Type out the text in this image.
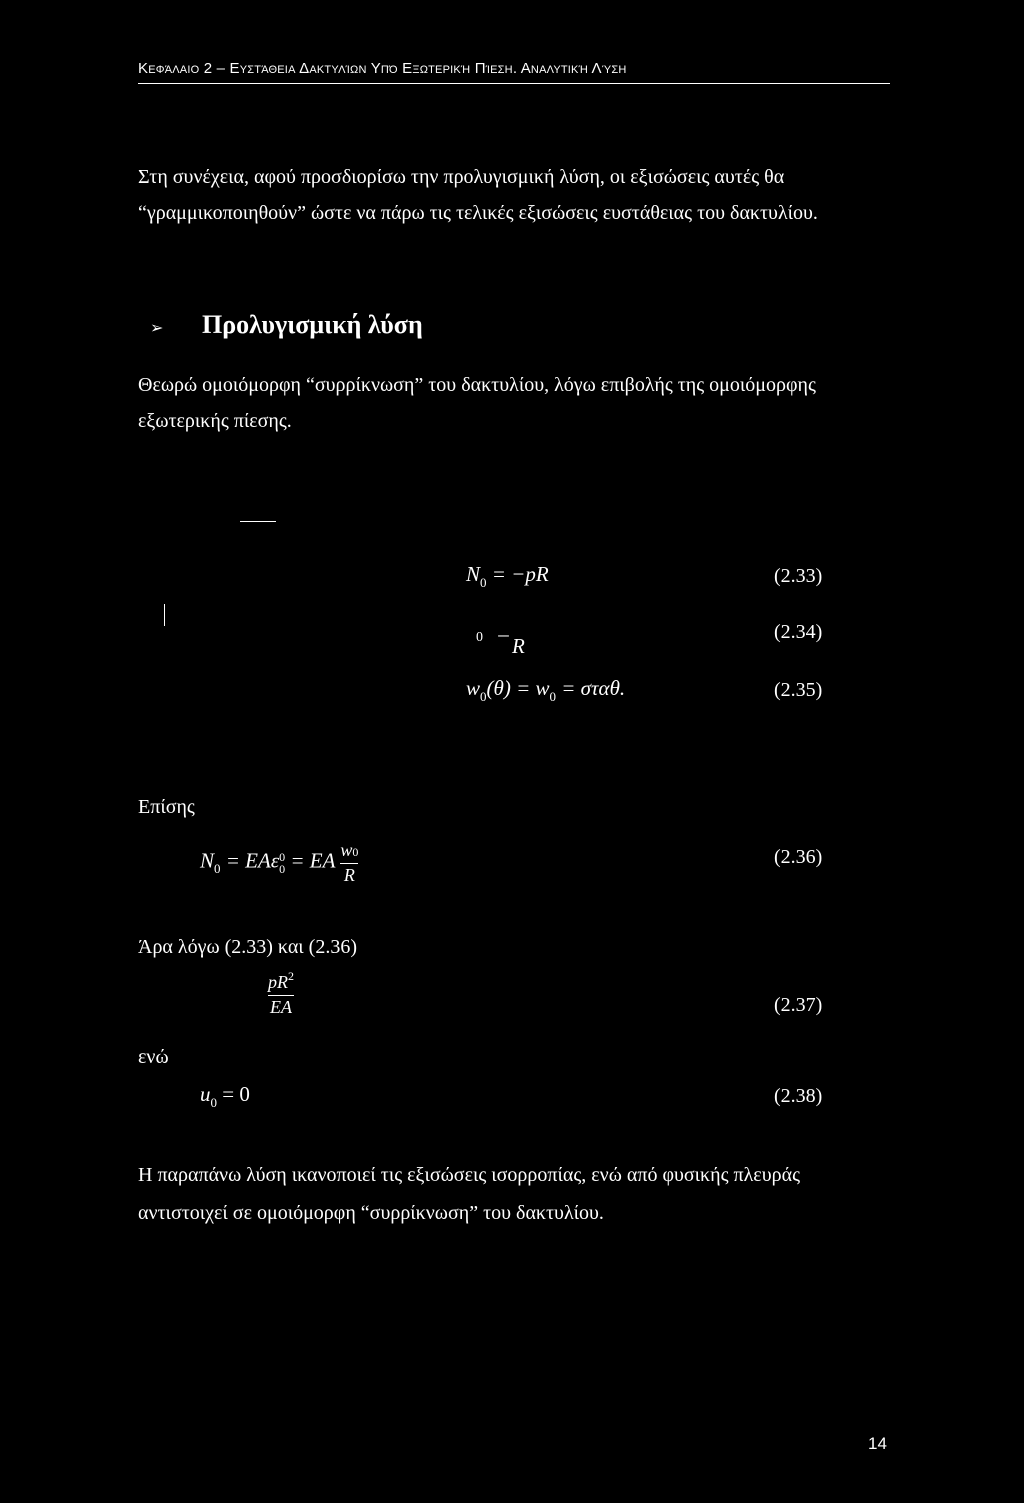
Κεφάλαιο 2 – Ευστάθεια Δακτυλίων Υπό Εξωτερική Πίεση. Αναλυτική Λύση
Στη συνέχεια, αφού προσδιορίσω την προλυγισμική λύση, οι εξισώσεις αυτές θα
“γραμμικοποιηθούν” ώστε να πάρω τις τελικές εξισώσεις ευστάθειας του δακτυλίου.
➢ Προλυγισμική λύση
Θεωρώ ομοιόμορφη “συρρίκνωση” του δακτυλίου, λόγω επιβολής της ομοιόμορφης
εξωτερικής πίεσης.
$N_0 = -pR$	(2.33)
0 – R
(2.34)
$w_0(\theta) = w_0 = \sigma\tau\alpha\theta$.	(2.35)
Επίσης
$N_0 = EA\varepsilon$ 0
0 = EA $\frac{w0}{R}$	(2.36)
Άρα λόγω (2.33) και (2.36)
$\frac{pR^2}{EA}$	(2.37)
ενώ
$u_0 = 0$	(2.38)
Η παραπάνω λύση ικανοποιεί τις εξισώσεις ισορροπίας, ενώ από φυσικής πλευράς
αντιστοιχεί σε ομοιόμορφη “συρρίκνωση” του δακτυλίου.
14
